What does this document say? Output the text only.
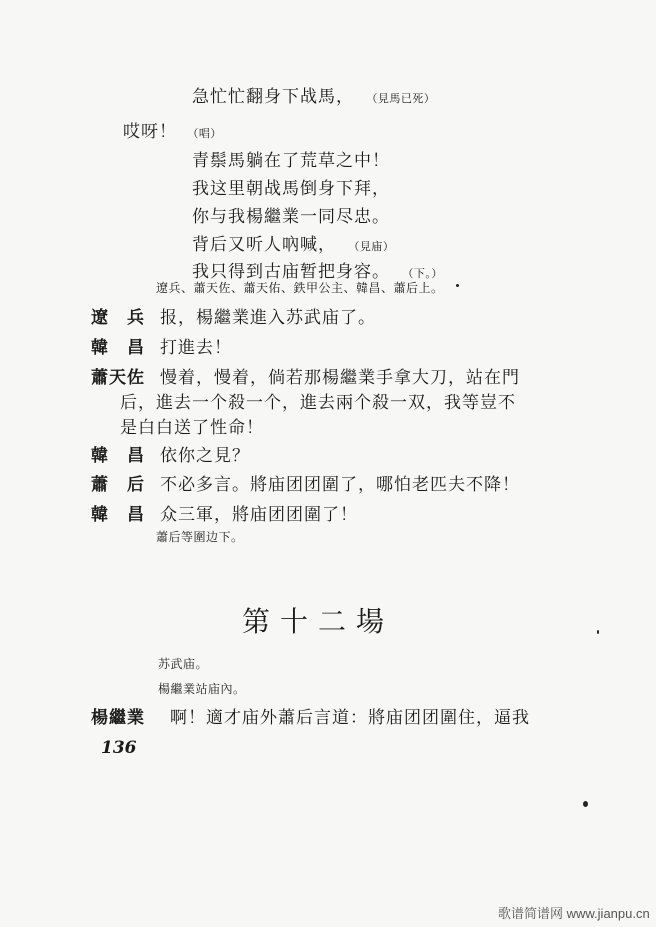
急忙忙翻身下战馬， （見馬已死）
哎呀！ （唱）
青鬃馬躺在了荒草之中！
我这里朝战馬倒身下拜，
你与我楊繼業一同尽忠。
背后又听人吶喊， （見庙）
我只得到古庙暂把身容。 （下。）
遼兵、蕭天佐、蕭天佑、鉄甲公主、韓昌、蕭后上。
遼　兵 报，楊繼業進入苏武庙了。
韓　昌 打進去！
蕭天佐 慢着，慢着，倘若那楊繼業手拿大刀，站在門
后，進去一个殺一个，進去兩个殺一双，我等豈不
是白白送了性命！
韓　昌 依你之見？
蕭　后 不必多言。將庙团团圍了，哪怕老匹夫不降！
韓　昌 众三軍，將庙团团圍了！
蕭后等圍边下。
第十二場
苏武庙。
楊繼業站庙內。
楊繼業 啊！適才庙外蕭后言道：將庙团团圍住，逼我
136
歌谱简谱网 www.jianpu.cn
